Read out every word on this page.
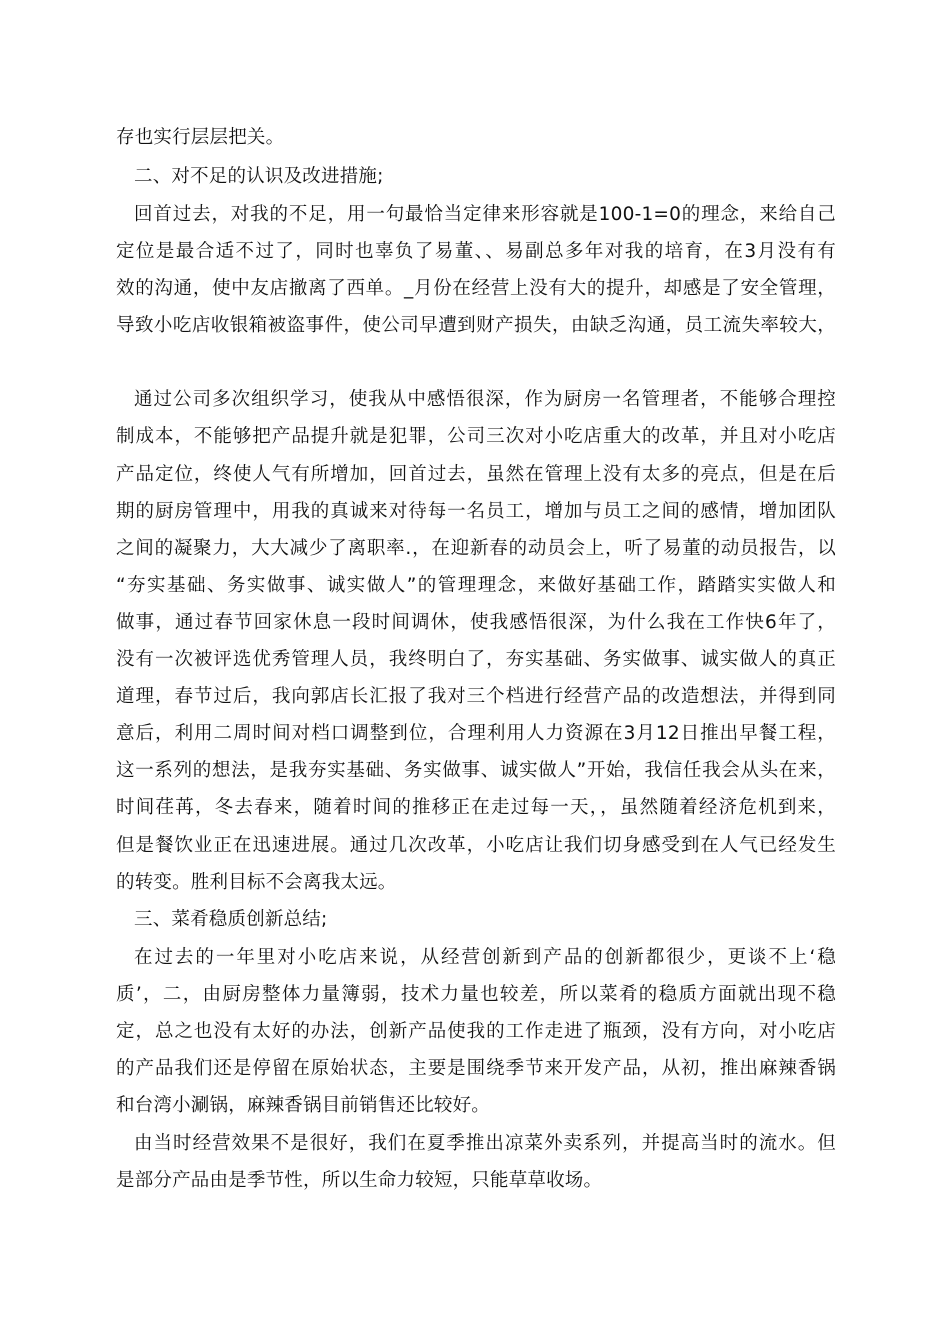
存也实行层层把关。
二、对不足的认识及改进措施;
回首过去，对我的不足，用一句最恰当定律来形容就是100-1=0的理念，来给自己
定位是最合适不过了，同时也辜负了易董、、易副总多年对我的培育，在3月没有有
效的沟通，使中友店撤离了西单。_月份在经营上没有大的提升，却感是了安全管理，
导致小吃店收银箱被盗事件，使公司早遭到财产损失，由缺乏沟通，员工流失率较大，
通过公司多次组织学习，使我从中感悟很深，作为厨房一名管理者，不能够合理控
制成本，不能够把产品提升就是犯罪，公司三次对小吃店重大的改革，并且对小吃店
产品定位，终使人气有所增加，回首过去，虽然在管理上没有太多的亮点，但是在后
期的厨房管理中，用我的真诚来对待每一名员工，增加与员工之间的感情，增加团队
之间的凝聚力，大大减少了离职率.，在迎新春的动员会上，听了易董的动员报告，以
“夯实基础、务实做事、诚实做人”的管理理念，来做好基础工作，踏踏实实做人和
做事，通过春节回家休息一段时间调休，使我感悟很深，为什么我在工作快6年了，
没有一次被评选优秀管理人员，我终明白了，夯实基础、务实做事、诚实做人的真正
道理，春节过后，我向郭店长汇报了我对三个档进行经营产品的改造想法，并得到同
意后，利用二周时间对档口调整到位，合理利用人力资源在3月12日推出早餐工程，
这一系列的想法，是我夯实基础、务实做事、诚实做人”开始，我信任我会从头在来，
时间荏苒，冬去春来，随着时间的推移正在走过每一天，，虽然随着经济危机到来，
但是餐饮业正在迅速进展。通过几次改革，小吃店让我们切身感受到在人气已经发生
的转变。胜利目标不会离我太远。
三、菜肴稳质创新总结;
在过去的一年里对小吃店来说，从经营创新到产品的创新都很少，更谈不上‘稳
质’，二，由厨房整体力量簿弱，技术力量也较差，所以菜肴的稳质方面就出现不稳
定，总之也没有太好的办法，创新产品使我的工作走进了瓶颈，没有方向，对小吃店
的产品我们还是停留在原始状态，主要是围绕季节来开发产品，从初，推出麻辣香锅
和台湾小涮锅，麻辣香锅目前销售还比较好。
由当时经营效果不是很好，我们在夏季推出凉菜外卖系列，并提高当时的流水。但
是部分产品由是季节性，所以生命力较短，只能草草收场。
